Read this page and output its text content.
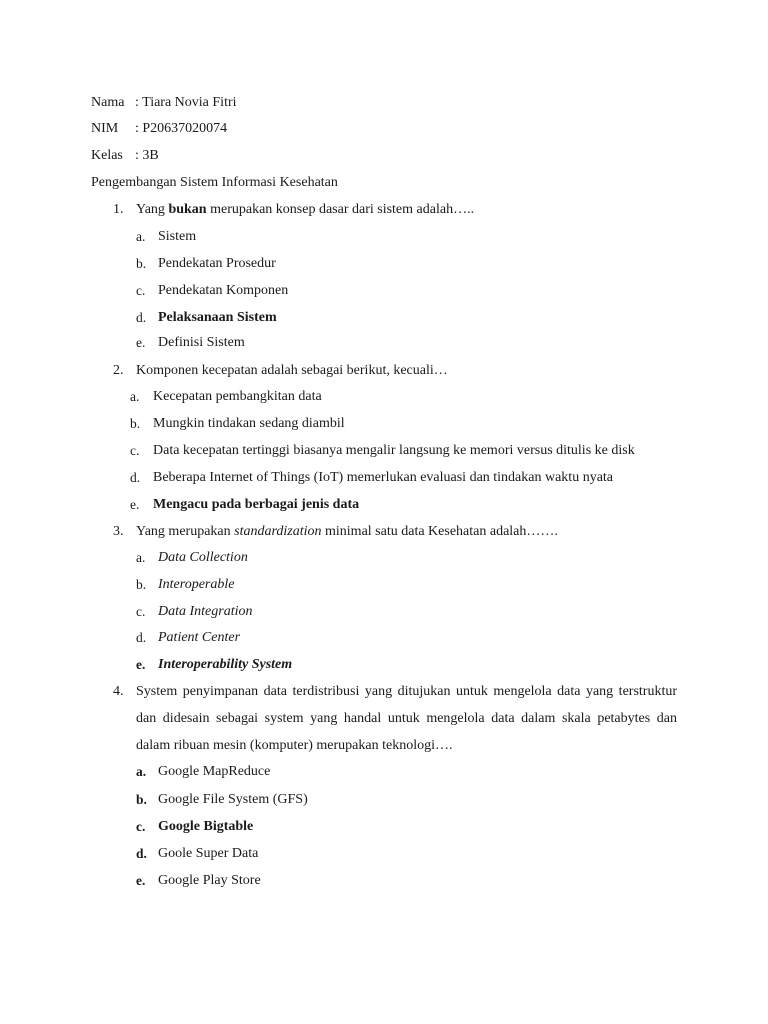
Nama : Tiara Novia Fitri
NIM : P20637020074
Kelas : 3B
Pengembangan Sistem Informasi Kesehatan
1. Yang bukan merupakan konsep dasar dari sistem adalah…..
a. Sistem
b. Pendekatan Prosedur
c. Pendekatan Komponen
d. Pelaksanaan Sistem
e. Definisi Sistem
2. Komponen kecepatan adalah sebagai berikut, kecuali…
a. Kecepatan pembangkitan data
b. Mungkin tindakan sedang diambil
c. Data kecepatan tertinggi biasanya mengalir langsung ke memori versus ditulis ke disk
d. Beberapa Internet of Things (IoT) memerlukan evaluasi dan tindakan waktu nyata
e. Mengacu pada berbagai jenis data
3. Yang merupakan standardization minimal satu data Kesehatan adalah…….
a. Data Collection
b. Interoperable
c. Data Integration
d. Patient Center
e. Interoperability System
4. System penyimpanan data terdistribusi yang ditujukan untuk mengelola data yang terstruktur dan didesain sebagai system yang handal untuk mengelola data dalam skala petabytes dan dalam ribuan mesin (komputer) merupakan teknologi….
a. Google MapReduce
b. Google File System (GFS)
c. Google Bigtable
d. Goole Super Data
e. Google Play Store
